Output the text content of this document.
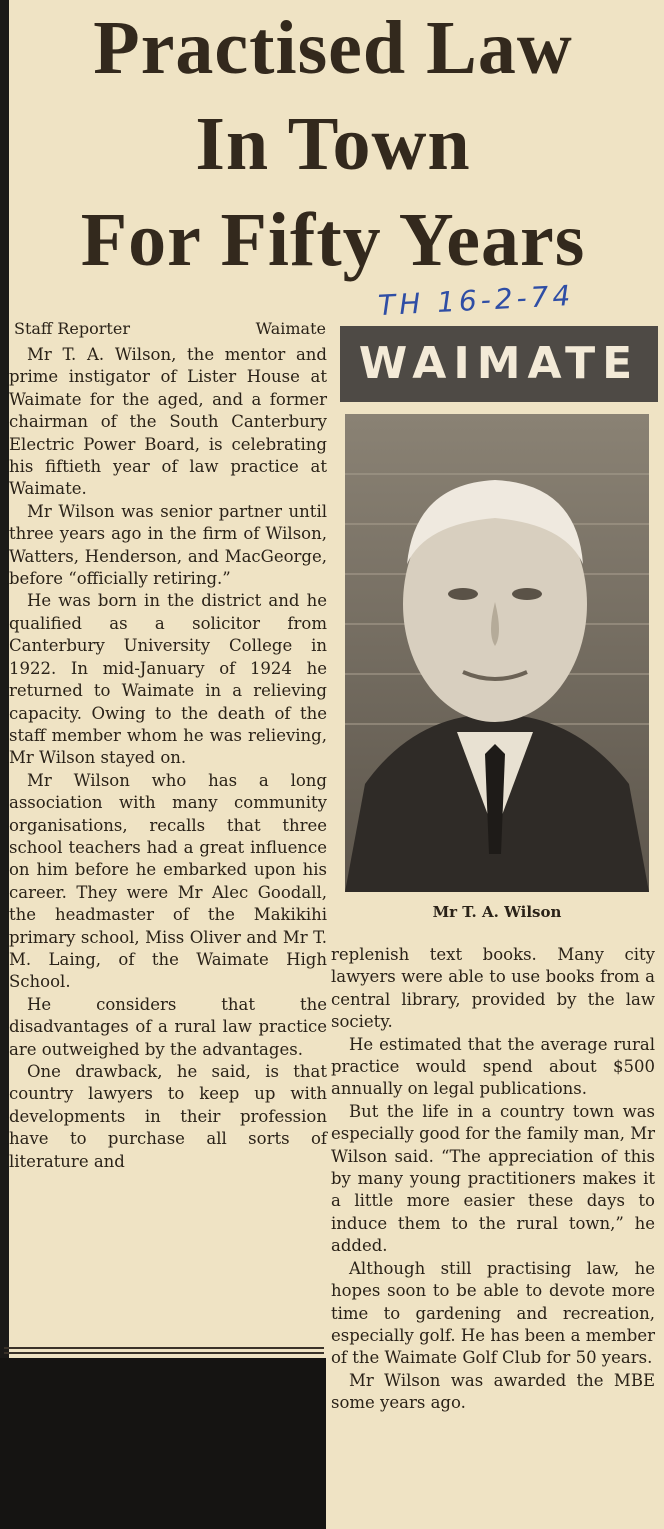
Practised Law
In Town
For Fifty Years
TH 16-2-74
Staff Reporter	Waimate
WAIMATE
Mr T. A. Wilson

Mr T. A. Wilson, the mentor and prime instigator of Lister House at Waimate for the aged, and a former chairman of the South Canterbury Electric Power Board, is celebrating his fiftieth year of law practice at Waimate.

Mr Wilson was senior partner until three years ago in the firm of Wilson, Watters, Henderson, and MacGeorge, before “officially retiring.”

He was born in the district and he qualified as a solicitor from Canterbury University College in 1922. In mid-January of 1924 he returned to Waimate in a relieving capacity. Owing to the death of the staff member whom he was relieving, Mr Wilson stayed on.

Mr Wilson who has a long association with many community organisations, recalls that three school teachers had a great influence on him before he embarked upon his career. They were Mr Alec Goodall, the headmaster of the Makikihi primary school, Miss Oliver and Mr T. M. Laing, of the Waimate High School.

He considers that the disadvantages of a rural law practice are outweighed by the advantages.

One drawback, he said, is that country lawyers to keep up with developments in their profession have to purchase all sorts of literature and

replenish text books. Many city lawyers were able to use books from a central library, provided by the law society.

He estimated that the average rural practice would spend about $500 annually on legal publications.

But the life in a country town was especially good for the family man, Mr Wilson said. “The appreciation of this by many young practitioners makes it a little more easier these days to induce them to the rural town,” he added.

Although still practising law, he hopes soon to be able to devote more time to gardening and recreation, especially golf. He has been a member of the Waimate Golf Club for 50 years.

Mr Wilson was awarded the MBE some years ago.
